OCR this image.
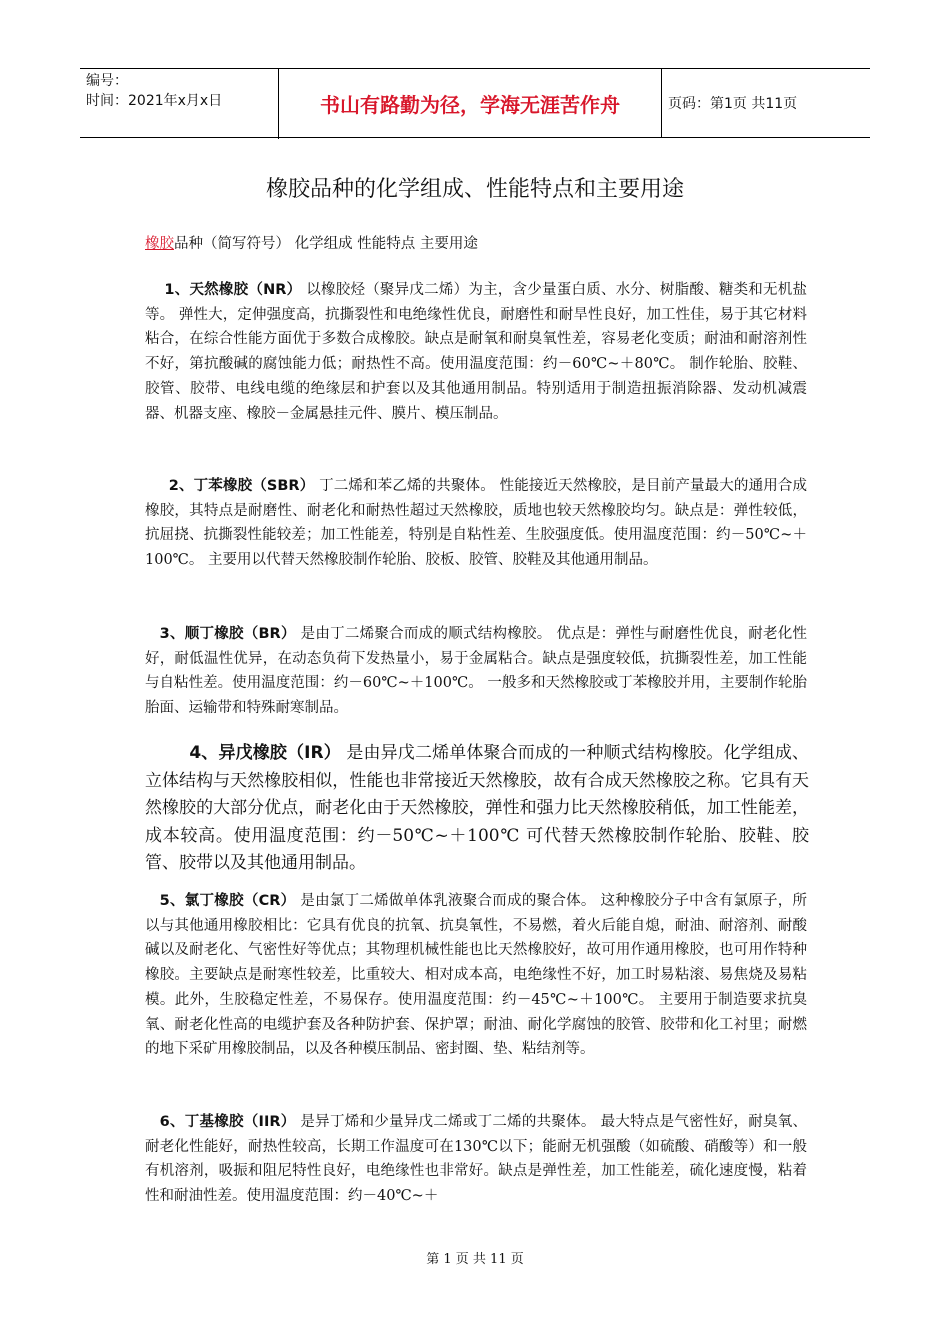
编号：
时间：2021年x月x日	书山有路勤为径，学海无涯苦作舟	页码：第1页 共11页
橡胶品种的化学组成、性能特点和主要用途
橡胶品种（简写符号） 化学组成 性能特点 主要用途
1、天然橡胶（NR） 以橡胶烃（聚异戊二烯）为主，含少量蛋白质、水分、树脂酸、糖类和无机盐等。 弹性大，定伸强度高，抗撕裂性和电绝缘性优良，耐磨性和耐旱性良好，加工性佳，易于其它材料粘合，在综合性能方面优于多数合成橡胶。缺点是耐氧和耐臭氧性差，容易老化变质；耐油和耐溶剂性不好，第抗酸碱的腐蚀能力低；耐热性不高。使用温度范围：约－60℃~＋80℃。 制作轮胎、胶鞋、胶管、胶带、电线电缆的绝缘层和护套以及其他通用制品。特别适用于制造扭振消除器、发动机减震器、机器支座、橡胶－金属悬挂元件、膜片、模压制品。
2、丁苯橡胶（SBR） 丁二烯和苯乙烯的共聚体。 性能接近天然橡胶，是目前产量最大的通用合成橡胶，其特点是耐磨性、耐老化和耐热性超过天然橡胶，质地也较天然橡胶均匀。缺点是：弹性较低，抗屈挠、抗撕裂性能较差；加工性能差，特别是自粘性差、生胶强度低。使用温度范围：约－50℃~＋100℃。 主要用以代替天然橡胶制作轮胎、胶板、胶管、胶鞋及其他通用制品。
3、顺丁橡胶（BR） 是由丁二烯聚合而成的顺式结构橡胶。 优点是：弹性与耐磨性优良，耐老化性好，耐低温性优异，在动态负荷下发热量小，易于金属粘合。缺点是强度较低，抗撕裂性差，加工性能与自粘性差。使用温度范围：约－60℃~＋100℃。 一般多和天然橡胶或丁苯橡胶并用，主要制作轮胎胎面、运输带和特殊耐寒制品。
4、异戊橡胶（IR） 是由异戊二烯单体聚合而成的一种顺式结构橡胶。化学组成、立体结构与天然橡胶相似，性能也非常接近天然橡胶，故有合成天然橡胶之称。它具有天然橡胶的大部分优点，耐老化由于天然橡胶，弹性和强力比天然橡胶稍低，加工性能差，成本较高。使用温度范围：约－50℃~＋100℃ 可代替天然橡胶制作轮胎、胶鞋、胶管、胶带以及其他通用制品。
5、氯丁橡胶（CR） 是由氯丁二烯做单体乳液聚合而成的聚合体。 这种橡胶分子中含有氯原子，所以与其他通用橡胶相比：它具有优良的抗氧、抗臭氧性，不易燃，着火后能自熄，耐油、耐溶剂、耐酸碱以及耐老化、气密性好等优点；其物理机械性能也比天然橡胶好，故可用作通用橡胶，也可用作特种橡胶。主要缺点是耐寒性较差，比重较大、相对成本高，电绝缘性不好，加工时易粘滚、易焦烧及易粘模。此外，生胶稳定性差，不易保存。使用温度范围：约－45℃~＋100℃。 主要用于制造要求抗臭氧、耐老化性高的电缆护套及各种防护套、保护罩；耐油、耐化学腐蚀的胶管、胶带和化工衬里；耐燃的地下采矿用橡胶制品，以及各种模压制品、密封圈、垫、粘结剂等。
6、丁基橡胶（IIR） 是异丁烯和少量异戊二烯或丁二烯的共聚体。 最大特点是气密性好，耐臭氧、耐老化性能好，耐热性较高，长期工作温度可在130℃以下；能耐无机强酸（如硫酸、硝酸等）和一般有机溶剂，吸振和阻尼特性良好，电绝缘性也非常好。缺点是弹性差，加工性能差，硫化速度慢，粘着性和耐油性差。使用温度范围：约－40℃~＋
第 1 页 共 11 页
